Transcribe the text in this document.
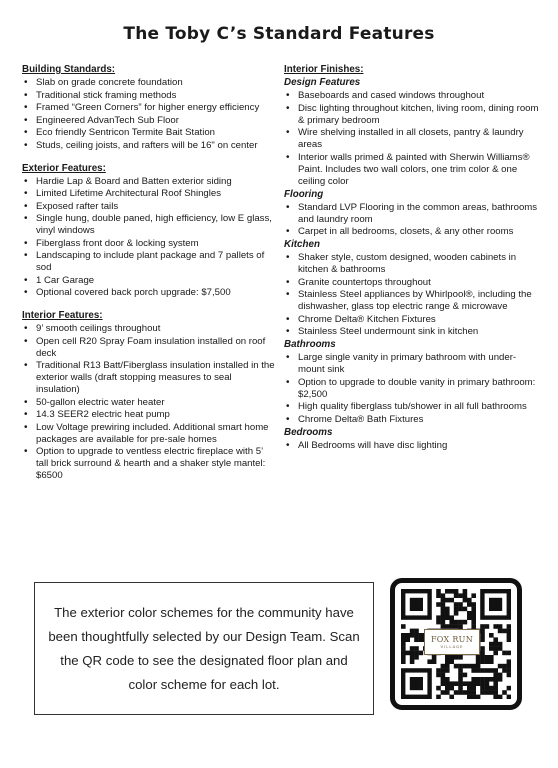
The Toby C’s Standard Features
Building Standards:
• Slab on grade concrete foundation
• Traditional stick framing methods
• Framed “Green Corners” for higher energy efficiency
• Engineered AdvanTech Sub Floor
• Eco friendly Sentricon Termite Bait Station
• Studs, ceiling joists, and rafters will be 16" on center
Exterior Features:
• Hardie Lap & Board and Batten exterior siding
• Limited Lifetime Architectural Roof Shingles
• Exposed rafter tails
• Single hung, double paned, high efficiency, low E glass, vinyl windows
• Fiberglass front door & locking system
• Landscaping to include plant package and 7 pallets of sod
• 1 Car Garage
• Optional covered back porch upgrade: $7,500
Interior Features:
• 9’ smooth ceilings throughout
• Open cell R20 Spray Foam insulation installed on roof deck
• Traditional R13 Batt/Fiberglass insulation installed in the exterior walls (draft stopping measures to seal insulation)
• 50-gallon electric water heater
• 14.3 SEER2 electric heat pump
• Low Voltage prewiring included. Additional smart home packages are available for pre-sale homes
• Option to upgrade to ventless electric fireplace with 5’ tall brick surround & hearth and a shaker style mantel: $6500
Interior Finishes:
Design Features
• Baseboards and cased windows throughout
• Disc lighting throughout kitchen, living room, dining room & primary bedroom
• Wire shelving installed in all closets, pantry & laundry areas
• Interior walls primed & painted with Sherwin Williams® Paint. Includes two wall colors, one trim color & one ceiling color
Flooring
• Standard LVP Flooring in the common areas, bathrooms and laundry room
• Carpet in all bedrooms, closets, & any other rooms
Kitchen
• Shaker style, custom designed, wooden cabinets in kitchen & bathrooms
• Granite countertops throughout
• Stainless Steel appliances by Whirlpool®, including the dishwasher, glass top electric range & microwave
• Chrome Delta® Kitchen Fixtures
• Stainless Steel undermount sink in kitchen
Bathrooms
• Large single vanity in primary bathroom with under-mount sink
• Option to upgrade to double vanity in primary bathroom: $2,500
• High quality fiberglass tub/shower in all full bathrooms
• Chrome Delta® Bath Fixtures
Bedrooms
• All Bedrooms will have disc lighting
The exterior color schemes for the community have been thoughtfully selected by our Design Team. Scan the QR code to see the designated floor plan and color scheme for each lot.
FOX RUN
VILLAGE
